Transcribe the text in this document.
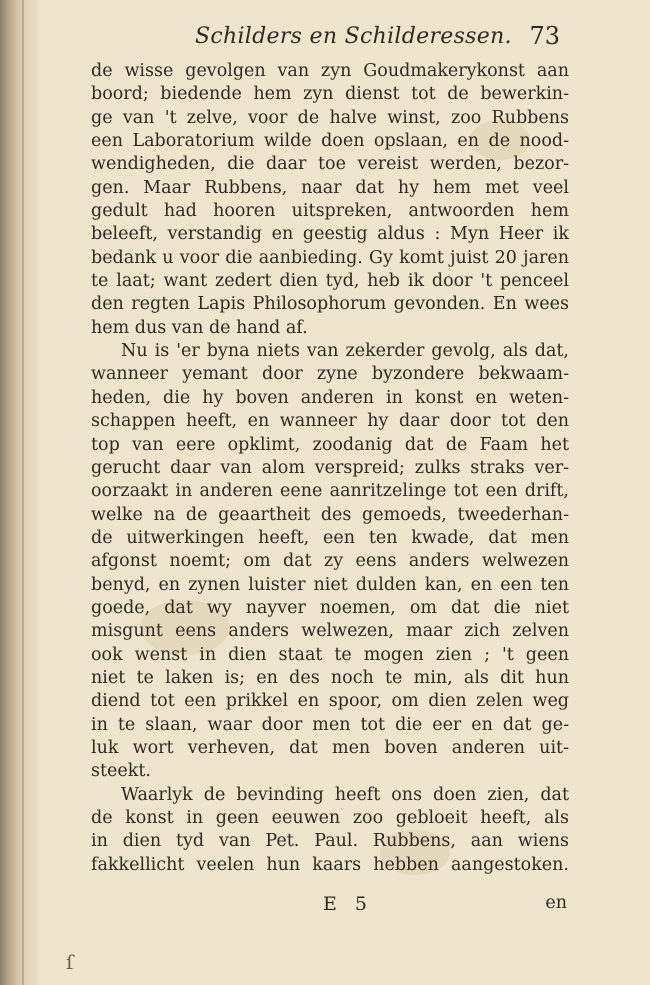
Schilders en Schilderessen. 73
de wisse gevolgen van zyn Goudmakerykonst aan
boord; biedende hem zyn dienst tot de bewerkin-
ge van 't zelve, voor de halve winst, zoo Rubbens
een Laboratorium wilde doen opslaan, en de nood-
wendigheden, die daar toe vereist werden, bezor-
gen. Maar Rubbens, naar dat hy hem met veel
gedult had hooren uitspreken, antwoorden hem
beleeft, verstandig en geestig aldus : Myn Heer ik
bedank u voor die aanbieding. Gy komt juist 20 jaren
te laat; want zedert dien tyd, heb ik door 't penceel
den regten Lapis Philosophorum gevonden. En wees
hem dus van de hand af.
Nu is 'er byna niets van zekerder gevolg, als dat,
wanneer yemant door zyne byzondere bekwaam-
heden, die hy boven anderen in konst en weten-
schappen heeft, en wanneer hy daar door tot den
top van eere opklimt, zoodanig dat de Faam het
gerucht daar van alom verspreid; zulks straks ver-
oorzaakt in anderen eene aanritzelinge tot een drift,
welke na de geaartheit des gemoeds, tweederhan-
de uitwerkingen heeft, een ten kwade, dat men
afgonst noemt; om dat zy eens anders welwezen
benyd, en zynen luister niet dulden kan, en een ten
goede, dat wy nayver noemen, om dat die niet
misgunt eens anders welwezen, maar zich zelven
ook wenst in dien staat te mogen zien ; 't geen
niet te laken is; en des noch te min, als dit hun
diend tot een prikkel en spoor, om dien zelen weg
in te slaan, waar door men tot die eer en dat ge-
luk wort verheven, dat men boven anderen uit-
steekt.
Waarlyk de bevinding heeft ons doen zien, dat
de konst in geen eeuwen zoo gebloeit heeft, als
in dien tyd van Pet. Paul. Rubbens, aan wiens
fakkellicht veelen hun kaars hebben aangestoken.
E 5	en
ſ
